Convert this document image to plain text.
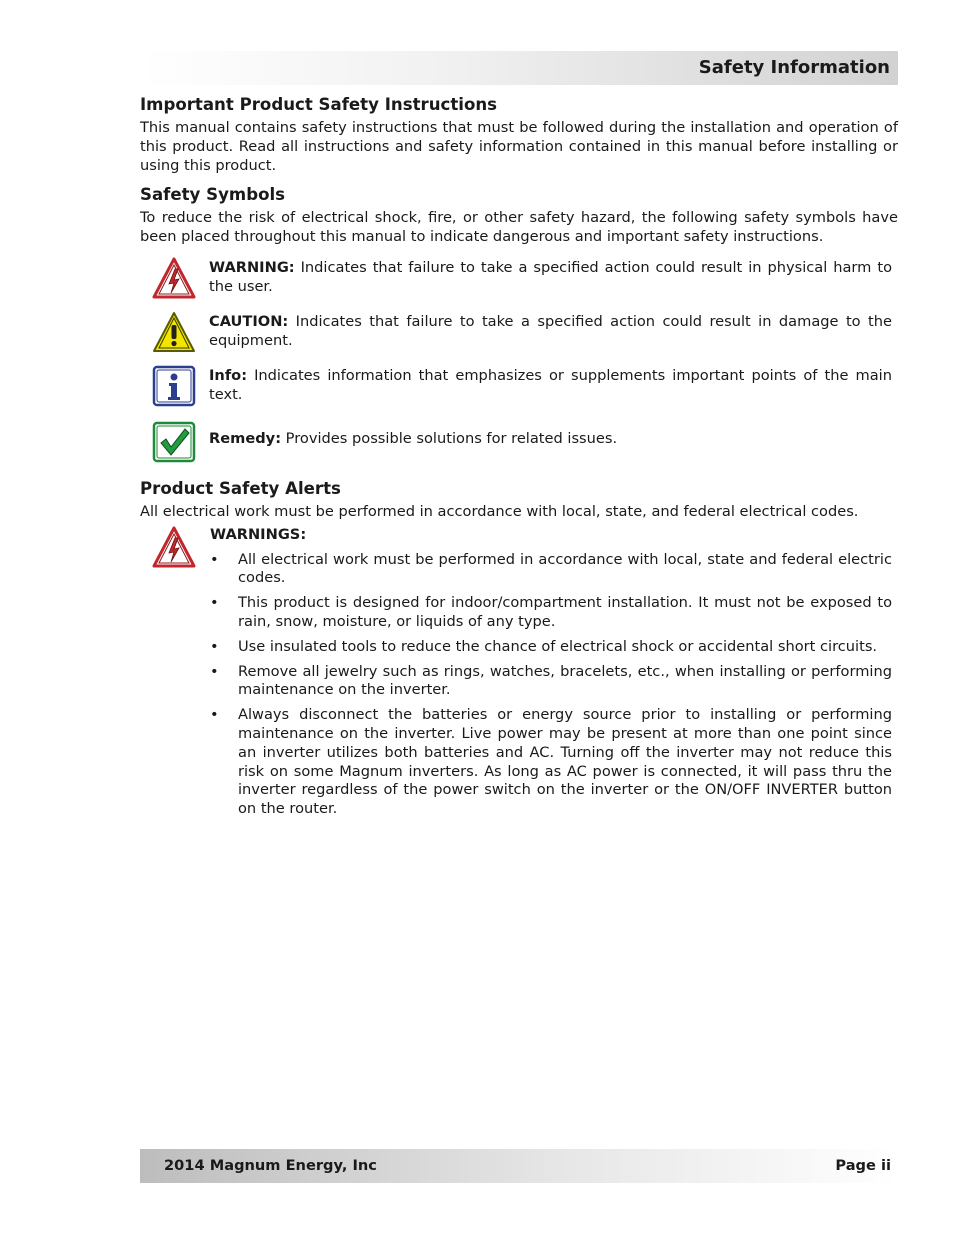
Safety Information
Important Product Safety Instructions

This manual contains safety instructions that must be followed during the installation and operation of this product. Read all instructions and safety information contained in this manual before installing or using this product.

Safety Symbols

To reduce the risk of electrical shock, fire, or other safety hazard, the following safety symbols have been placed throughout this manual to indicate dangerous and important safety instructions.

WARNING: Indicates that failure to take a specified action could result in physical harm to the user.
CAUTION: Indicates that failure to take a specified action could result in damage to the equipment.
Info: Indicates information that emphasizes or supplements important points of the main text.
Remedy: Provides possible solutions for related issues.
Product Safety Alerts

All electrical work must be performed in accordance with local, state, and federal electrical codes.

WARNINGS:
• All electrical work must be performed in accordance with local, state and federal electric codes.
• This product is designed for indoor/compartment installation. It must not be exposed to rain, snow, moisture, or liquids of any type.
• Use insulated tools to reduce the chance of electrical shock or accidental short circuits.
• Remove all jewelry such as rings, watches, bracelets, etc., when installing or performing maintenance on the inverter.
• Always disconnect the batteries or energy source prior to installing or performing maintenance on the inverter. Live power may be present at more than one point since an inverter utilizes both batteries and AC. Turning off the inverter may not reduce this risk on some Magnum inverters. As long as AC power is connected, it will pass thru the inverter regardless of the power switch on the inverter or the ON/OFF INVERTER button on the router.
2014 Magnum Energy, Inc	Page ii
